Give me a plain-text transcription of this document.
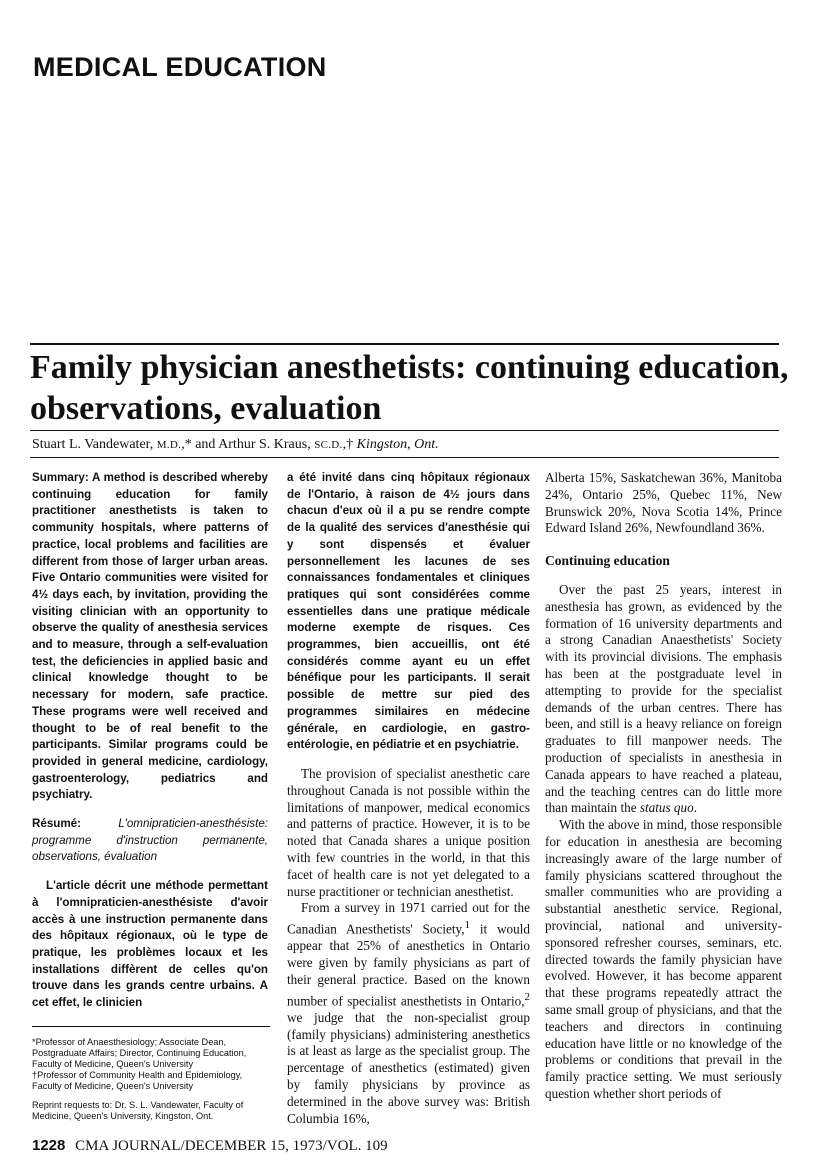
MEDICAL EDUCATION
Family physician anesthetists: continuing education,
observations, evaluation
Stuart L. Vandewater, M.D.,* and Arthur S. Kraus, SC.D.,† Kingston, Ont.

Summary: A method is described whereby continuing education for family practitioner anesthetists is taken to community hospitals, where patterns of practice, local problems and facilities are different from those of larger urban areas. Five Ontario communities were visited for 4½ days each, by invitation, providing the visiting clinician with an opportunity to observe the quality of anesthesia services and to measure, through a self-evaluation test, the deficiencies in applied basic and clinical knowledge thought to be necessary for modern, safe practice. These programs were well received and thought to be of real benefit to the participants. Similar programs could be provided in general medicine, cardiology, gastroenterology, pediatrics and psychiatry.

Résumé:	L'omnipraticien-anesthésiste: programme d'instruction permanente, observations, évaluation

L'article décrit une méthode permettant à l'omnipraticien-anesthésiste d'avoir accès à une instruction permanente dans des hôpitaux régionaux, où le type de pratique, les problèmes locaux et les installations diffèrent de celles qu'on trouve dans les grands centre urbains. A cet effet, le clinicien

a été invité dans cinq hôpitaux régionaux de l'Ontario, à raison de 4½ jours dans chacun d'eux où il a pu se rendre compte de la qualité des services d'anesthésie qui y sont dispensés et évaluer personnellement les lacunes de ses connaissances fondamentales et cliniques pratiques qui sont considérées comme essentielles dans une pratique médicale moderne exempte de risques. Ces programmes, bien accueillis, ont été considérés comme ayant eu un effet bénéfique pour les participants. Il serait possible de mettre sur pied des programmes similaires en médecine générale, en cardiologie, en gastro-entérologie, en pédiatrie et en psychiatrie.

The provision of specialist anesthetic care throughout Canada is not possible within the limitations of manpower, medical economics and patterns of practice. However, it is to be noted that Canada shares a unique position with few countries in the world, in that this facet of health care is not yet delegated to a nurse practitioner or technician anesthetist.

From a survey in 1971 carried out for the Canadian Anesthetists' Society,$^1$ it would appear that 25% of anesthetics in Ontario were given by family physicians as part of their general practice. Based on the known number of specialist anesthetists in Ontario,$^2$ we judge that the non-specialist group (family physicians) administering anesthetics is at least as large as the specialist group. The percentage of anesthetics (estimated) given by family physicians by province as determined in the above survey was: British Columbia 16%,

Alberta 15%, Saskatchewan 36%, Manitoba 24%, Ontario 25%, Quebec 11%, New Brunswick 20%, Nova Scotia 14%, Prince Edward Island 26%, Newfoundland 36%.

Continuing education

Over the past 25 years, interest in anesthesia has grown, as evidenced by the formation of 16 university departments and a strong Canadian Anaesthetists' Society with its provincial divisions. The emphasis has been at the postgraduate level in attempting to provide for the specialist demands of the urban centres. There has been, and still is a heavy reliance on foreign graduates to fill manpower needs. The production of specialists in anesthesia in Canada appears to have reached a plateau, and the teaching centres can do little more than maintain the status quo.

With the above in mind, those responsible for education in anesthesia are becoming increasingly aware of the large number of family physicians scattered throughout the smaller communities who are providing a substantial anesthetic service. Regional, provincial, national and university-sponsored refresher courses, seminars, etc. directed towards the family physician have evolved. However, it has become apparent that these programs repeatedly attract the same small group of physicians, and that the teachers and directors in continuing education have little or no knowledge of the problems or conditions that prevail in the family practice setting. We must seriously question whether short periods of

*Professor of Anaesthesiology; Associate Dean, Postgraduate Affairs; Director, Continuing Education, Faculty of Medicine, Queen's University

†Professor of Community Health and Epidemiology, Faculty of Medicine, Queen's University

Reprint requests to: Dr. S. L. Vandewater, Faculty of Medicine, Queen's University, Kingston, Ont.

1228 CMA JOURNAL/DECEMBER 15, 1973/VOL. 109
